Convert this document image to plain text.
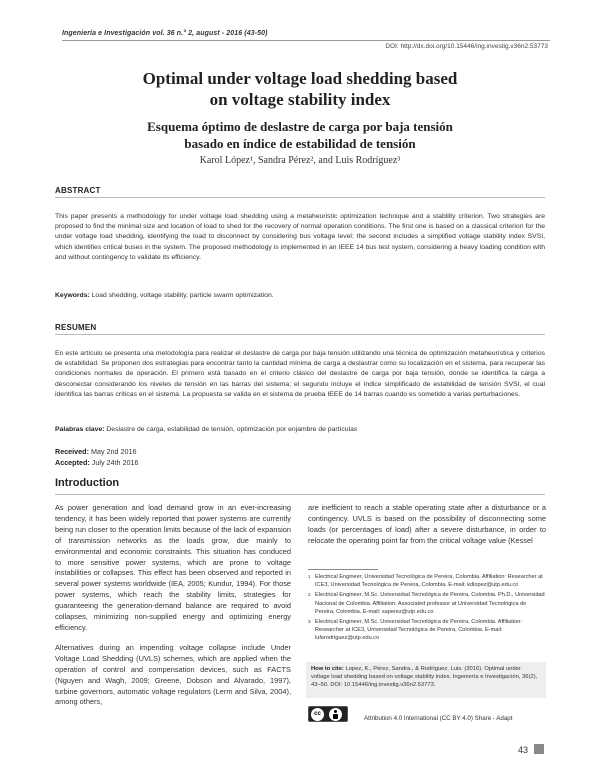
Ingeniería e Investigación vol. 36 n.° 2, august - 2016 (43-50)
DOI: http://dx.doi.org/10.15446/ing.investig.v36n2.53773
Optimal under voltage load shedding based
on voltage stability index
Esquema óptimo de deslastre de carga por baja tensión
basado en índice de estabilidad de tensión
Karol López¹, Sandra Pérez², and Luis Rodríguez³
ABSTRACT
This paper presents a methodology for under voltage load shedding using a metaheuristic optimization technique and a stability criterion. Two strategies are proposed to find the minimal size and location of load to shed for the recovery of normal operation conditions. The first one is based on a classical criterion for the under voltage load shedding, identifying the load to disconnect by considering bus voltage level; the second includes a simplified voltage stability index SVSI, which identifies critical buses in the system. The proposed methodology is implemented in an IEEE 14 bus test system, considering a heavy loading condition with and without contingency to validate its efficiency.
Keywords: Load shedding, voltage stability, particle swarm optimization.
RESUMEN
En este artículo se presenta una metodología para realizar el deslastre de carga por baja tensión utilizando una técnica de optimización metaheurística y criterios de estabilidad. Se proponen dos estrategias para encontrar tanto la cantidad mínima de carga a deslastrar como su localización en el sistema, para recuperar las condiciones normales de operación. El primero está basado en el criterio clásico del deslastre de carga por baja tensión, donde se identifica la carga a desconectar considerando los niveles de tensión en las barras del sistema; el segundo incluye el índice simplificado de estabilidad de tensión SVSI, el cual identifica las barras críticas en el sistema. La propuesta se valida en el sistema de prueba IEEE de 14 barras cuando es sometido a varias perturbaciones.
Palabras clave: Deslastre de carga, estabilidad de tensión, optimización por enjambre de partículas
Received: May 2nd 2016
Accepted: July 24th 2016
Introduction

As power generation and load demand grow in an ever-increasing tendency, it has been widely reported that power systems are currently being run closer to the operation limits because of the lack of expansion of transmission networks as the loads grow, due mainly to environmental and economic constraints. This situation has conduced to more sensitive power systems, which are prone to voltage instabilities or collapses. This effect has been observed and reported in several power systems worldwide (IEA, 2005; Kundur, 1994). For those power systems, which reach the stability limits, strategies for guaranteeing the generation-demand balance are required to avoid collapses, minimizing non-supplied energy and optimizing energy efficiency.

Alternatives during an impending voltage collapse include Under Voltage Load Shedding (UVLS) schemes, which are applied when the operation of control and compensation devices, such as FACTS (Nguyen and Wagh, 2009; Greene, Dobson and Alvarado, 1997), turbine governors, automatic voltage regulators (Lerm and Silva, 2004), among others,

are inefficient to reach a stable operating state after a disturbance or a contingency. UVLS is based on the possibility of disconnecting some loads (or percentages of load) after a severe disturbance, in order to relocate the operating point far from the critical voltage value (Kessel

1 Electrical Engineer, Universidad Tecnológica de Pereira, Colombia. Affiliation: Researcher at ICE3, Universidad Tecnológica de Pereira, Colombia. E-mail: kdlopez@utp.edu.co
2 Electrical Engineer, M.Sc. Universidad Tecnológica de Pereira, Colombia. Ph.D., Universidad Nacional de Colombia. Affiliation: Associated professor at Universidad Tecnológica de Pereira, Colombia. E-mail: saperez@utp.edu.co
3 Electrical Engineer, M.Sc. Universidad Tecnológica de Pereira, Colombia. Affiliation: Researcher at ICE3, Universidad Tecnológica de Pereira, Colombia. E-mail: luferodriguez@utp.edu.co
How to cite: Lopez, K., Pérez, Sandra., & Rodríguez, Luis. (2016). Optimal under voltage load shedding based on voltage stability index. Ingeniería e Investigación, 36(2), 43–50. DOI: 10.15446/ing.investig.v36n2.53773.
cc
Attribution 4.0 International (CC BY 4.0) Share - Adapt
43
